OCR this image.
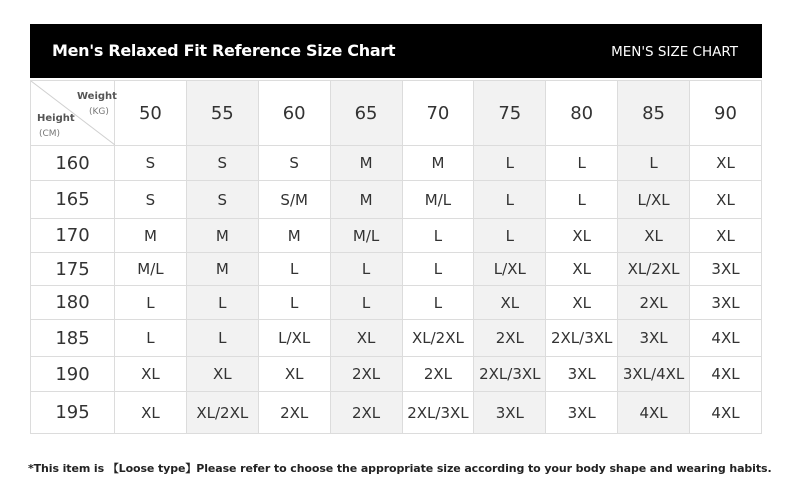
Men's Relaxed Fit Reference Size Chart	MEN'S SIZE CHART
Weight
(KG)
Height
(CM)	50	55	60	65	70	75	80	85	90
160	S	S	S	M	M	L	L	L	XL
165	S	S	S/M	M	M/L	L	L	L/XL	XL
170	M	M	M	M/L	L	L	XL	XL	XL
175	M/L	M	L	L	L	L/XL	XL	XL/2XL	3XL
180	L	L	L	L	L	XL	XL	2XL	3XL
185	L	L	L/XL	XL	XL/2XL	2XL	2XL/3XL	3XL	4XL
190	XL	XL	XL	2XL	2XL	2XL/3XL	3XL	3XL/4XL	4XL
195	XL	XL/2XL	2XL	2XL	2XL/3XL	3XL	3XL	4XL	4XL
*This item is 【Loose type】Please refer to choose the appropriate size according to your body shape and wearing habits.
